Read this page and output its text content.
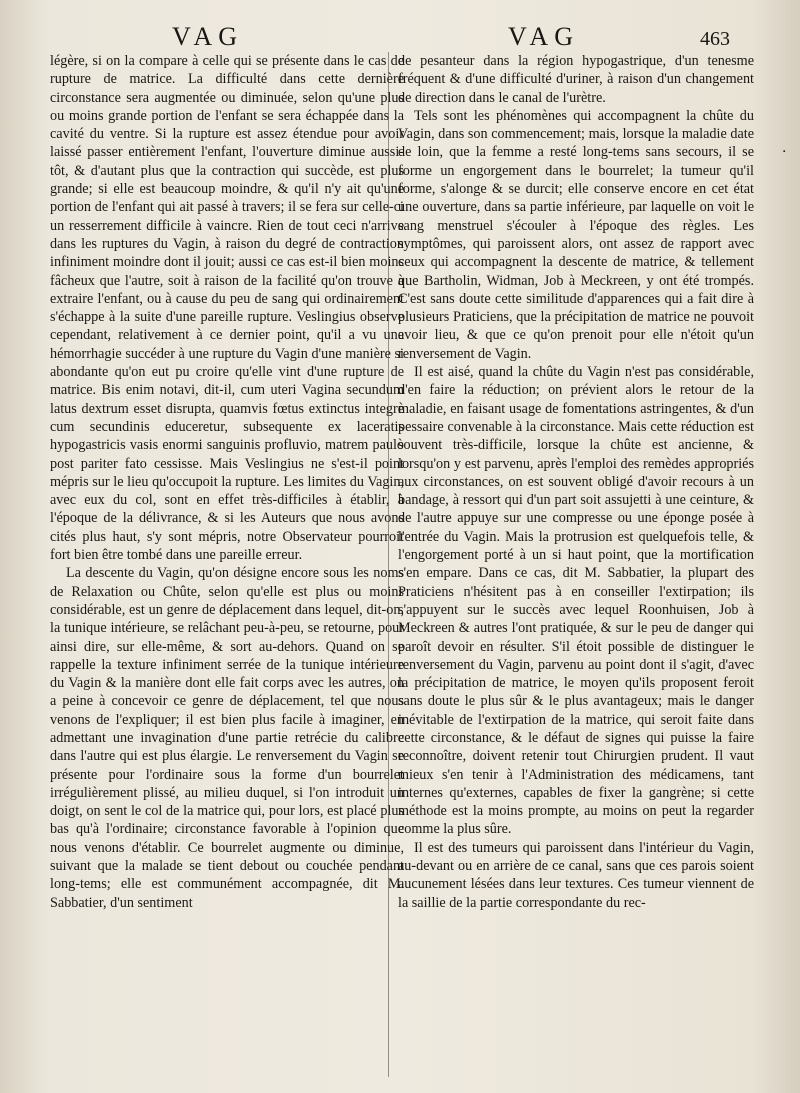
VAG	VAG	463

légère, si on la compare à celle qui se présente dans le cas de rupture de matrice. La difficulté dans cette dernière circonstance sera augmentée ou diminuée, selon qu'une plus ou moins grande portion de l'enfant se sera échappée dans la cavité du ventre. Si la rupture est assez étendue pour avoir laissé passer entièrement l'enfant, l'ouverture diminue aussi-tôt, & d'autant plus que la contraction qui succède, est plus grande; si elle est beaucoup moindre, & qu'il n'y ait qu'une portion de l'enfant qui ait passé à travers; il se fera sur celle-ci un resserrement difficile à vaincre. Rien de tout ceci n'arrive dans les ruptures du Vagin, à raison du degré de contraction infiniment moindre dont il jouit; aussi ce cas est-il bien moins fâcheux que l'autre, soit à raison de la facilité qu'on trouve à extraire l'enfant, ou à cause du peu de sang qui ordinairement s'échappe à la suite d'une pareille rupture. Veslingius observe cependant, relativement à ce dernier point, qu'il a vu une hémorrhagie succéder à une rupture du Vagin d'une manière si abondante qu'on eut pu croire qu'elle vint d'une rupture de matrice. Bis enim notavi, dit-il, cum uteri Vagina secundum latus dextrum esset disrupta, quamvis fœtus extinctus integrè cum secundinis educeretur, subsequente ex laceratis hypogastricis vasis enormi sanguinis profluvio, matrem paulò post pariter fato cessisse. Mais Veslingius ne s'est-il point mépris sur le lieu qu'occupoit la rupture. Les limites du Vagin, avec eux du col, sont en effet très-difficiles à établir, à l'époque de la délivrance, & si les Auteurs que nous avons cités plus haut, s'y sont mépris, notre Observateur pourroit fort bien être tombé dans une pareille erreur.

La descente du Vagin, qu'on désigne encore sous les noms de Relaxation ou Chûte, selon qu'elle est plus ou moins considérable, est un genre de déplacement dans lequel, dit-on, la tunique intérieure, se relâchant peu-à-peu, se retourne, pour ainsi dire, sur elle-même, & sort au-dehors. Quand on se rappelle la texture infiniment serrée de la tunique intérieure du Vagin & la manière dont elle fait corps avec les autres, on a peine à concevoir ce genre de déplacement, tel que nous venons de l'expliquer; il est bien plus facile à imaginer, en admettant une invagination d'une partie retrécie du calibre dans l'autre qui est plus élargie. Le renversement du Vagin se présente pour l'ordinaire sous la forme d'un bourrelet irrégulièrement plissé, au milieu duquel, si l'on introduit un doigt, on sent le col de la matrice qui, pour lors, est placé plus bas qu'à l'ordinaire; circonstance favorable à l'opinion que nous venons d'établir. Ce bourrelet augmente ou diminue, suivant que la malade se tient debout ou couchée pendant long-tems; elle est communément accompagnée, dit M. Sabbatier, d'un sentiment

de pesanteur dans la région hypogastrique, d'un tenesme fréquent & d'une difficulté d'uriner, à raison d'un changement de direction dans le canal de l'urètre.

Tels sont les phénomènes qui accompagnent la chûte du Vagin, dans son commencement; mais, lorsque la maladie date de loin, que la femme a resté long-tems sans secours, il se forme un engorgement dans le bourrelet; la tumeur qu'il forme, s'alonge & se durcit; elle conserve encore en cet état une ouverture, dans sa partie inférieure, par laquelle on voit le sang menstruel s'écouler à l'époque des règles. Les symptômes, qui paroissent alors, ont assez de rapport avec ceux qui accompagnent la descente de matrice, & tellement que Bartholin, Widman, Job à Meckreen, y ont été trompés. C'est sans doute cette similitude d'apparences qui a fait dire à plusieurs Praticiens, que la précipitation de matrice ne pouvoit avoir lieu, & que ce qu'on prenoit pour elle n'étoit qu'un renversement de Vagin.

Il est aisé, quand la chûte du Vagin n'est pas considérable, d'en faire la réduction; on prévient alors le retour de la maladie, en faisant usage de fomentations astringentes, & d'un pessaire convenable à la circonstance. Mais cette réduction est souvent très-difficile, lorsque la chûte est ancienne, & lorsqu'on y est parvenu, après l'emploi des remèdes appropriés aux circonstances, on est souvent obligé d'avoir recours à un bandage, à ressort qui d'un part soit assujetti à une ceinture, & de l'autre appuye sur une compresse ou une éponge posée à l'entrée du Vagin. Mais la protrusion est quelquefois telle, & l'engorgement porté à un si haut point, que la mortification s'en empare. Dans ce cas, dit M. Sabbatier, la plupart des Praticiens n'hésitent pas à en conseiller l'extirpation; ils s'appuyent sur le succès avec lequel Roonhuisen, Job à Meckreen & autres l'ont pratiquée, & sur le peu de danger qui paroît devoir en résulter. S'il étoit possible de distinguer le renversement du Vagin, parvenu au point dont il s'agit, d'avec la précipitation de matrice, le moyen qu'ils proposent feroit sans doute le plus sûr & le plus avantageux; mais le danger inévitable de l'extirpation de la matrice, qui seroit faite dans cette circonstance, & le défaut de signes qui puisse la faire reconnoître, doivent retenir tout Chirurgien prudent. Il vaut mieux s'en tenir à l'Administration des médicamens, tant internes qu'externes, capables de fixer la gangrène; si cette méthode est la moins prompte, au moins on peut la regarder comme la plus sûre.

Il est des tumeurs qui paroissent dans l'intérieur du Vagin, au-devant ou en arrière de ce canal, sans que ces parois soient aucunement lésées dans leur textures. Ces tumeur viennent de la saillie de la partie correspondante du rec-

·
